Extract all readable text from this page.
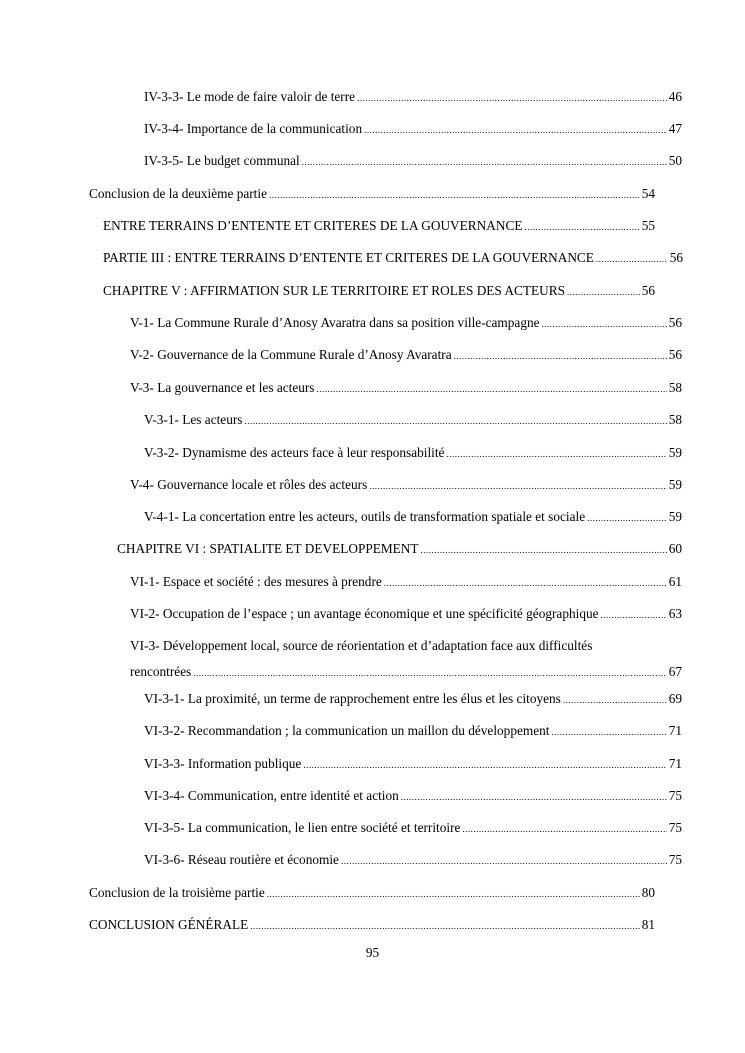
IV-3-3- Le mode de faire valoir de terre .....	46
IV-3-4- Importance de la communication .....	47
IV-3-5- Le budget communal .....	50
Conclusion de la deuxième partie .....	54
ENTRE TERRAINS D’ENTENTE ET CRITERES DE LA GOUVERNANCE .....	55
PARTIE III : ENTRE TERRAINS D’ENTENTE ET CRITERES DE LA GOUVERNANCE .....	56
CHAPITRE V : AFFIRMATION SUR LE TERRITOIRE ET ROLES DES ACTEURS .....	56
V-1- La Commune Rurale d’Anosy Avaratra dans sa position ville-campagne .....	56
V-2- Gouvernance de la Commune Rurale d’Anosy Avaratra .....	56
V-3- La gouvernance et les acteurs .....	58
V-3-1- Les acteurs .....	58
V-3-2- Dynamisme des acteurs face à leur responsabilité .....	59
V-4- Gouvernance locale et rôles des acteurs .....	59
V-4-1- La concertation entre les acteurs, outils de transformation spatiale et sociale .....	59
CHAPITRE VI : SPATIALITE ET DEVELOPPEMENT .....	60
VI-1- Espace et société : des mesures à prendre .....	61
VI-2- Occupation de l’espace ; un avantage économique et une spécificité géographique .....	63
VI-3- Développement local, source de réorientation et d’adaptation face aux difficultés
rencontrées .....	67
VI-3-1- La proximité, un terme de rapprochement entre les élus et les citoyens .....	69
VI-3-2- Recommandation ; la communication un maillon du développement .....	71
VI-3-3- Information publique .....	71
VI-3-4- Communication, entre identité et action .....	75
VI-3-5- La communication, le lien entre société et territoire .....	75
VI-3-6- Réseau routière et économie .....	75
Conclusion de la troisième partie .....	80
CONCLUSION GÉNÉRALE .....	81
95
